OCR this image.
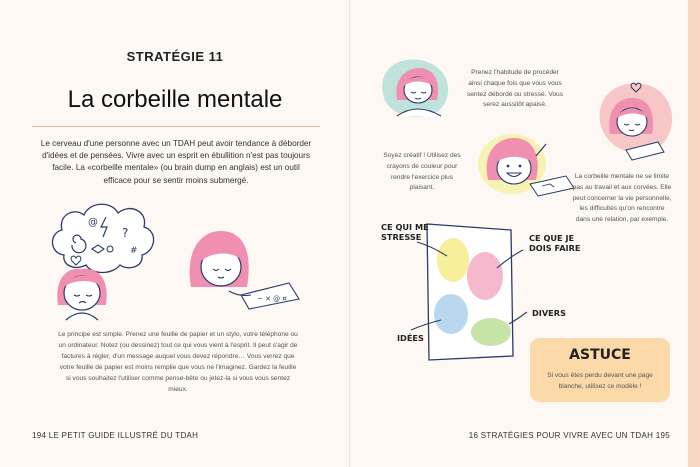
STRATÉGIE 11
La corbeille mentale
Le cerveau d'une personne avec un TDAH peut avoir tendance à déborder d'idées et de pensées. Vivre avec un esprit en ébullition n'est pas toujours facile. La «corbeille mentale» (ou brain dump en anglais) est un outil efficace pour se sentir moins submergé.
?
@
#
~ ✕ @ ¤
Le principe est simple. Prenez une feuille de papier et un stylo, votre téléphone ou un ordinateur. Notez (ou dessinez) tout ce qui vous vient à l'esprit. Il peut s'agir de factures à régler, d'un message auquel vous devez répondre… Vous verrez que votre feuille de papier est moins remplie que vous ne l'imaginez. Gardez la feuille si vous souhaitez l'utiliser comme pense-bête ou jetez-la si vous vous sentez mieux.
194 LE PETIT GUIDE ILLUSTRÉ DU TDAH
Prenez l'habitude de procéder ainsi chaque fois que vous vous sentez débordé ou stressé. Vous serez aussitôt apaisé.
Soyez créatif ! Utilisez des crayons de couleur pour rendre l'exercice plus plaisant.
La corbeille mentale ne se limite pas au travail et aux corvées. Elle peut concerner la vie personnelle, les difficultés qu'on rencontre dans une relation, par exemple.
CE QUI ME STRESSE	CE QUE JE DOIS FAIRE
IDÉES
DIVERS
ASTUCE
Si vous êtes perdu devant une page blanche, utilisez ce modèle !
16 STRATÉGIES POUR VIVRE AVEC UN TDAH 195
